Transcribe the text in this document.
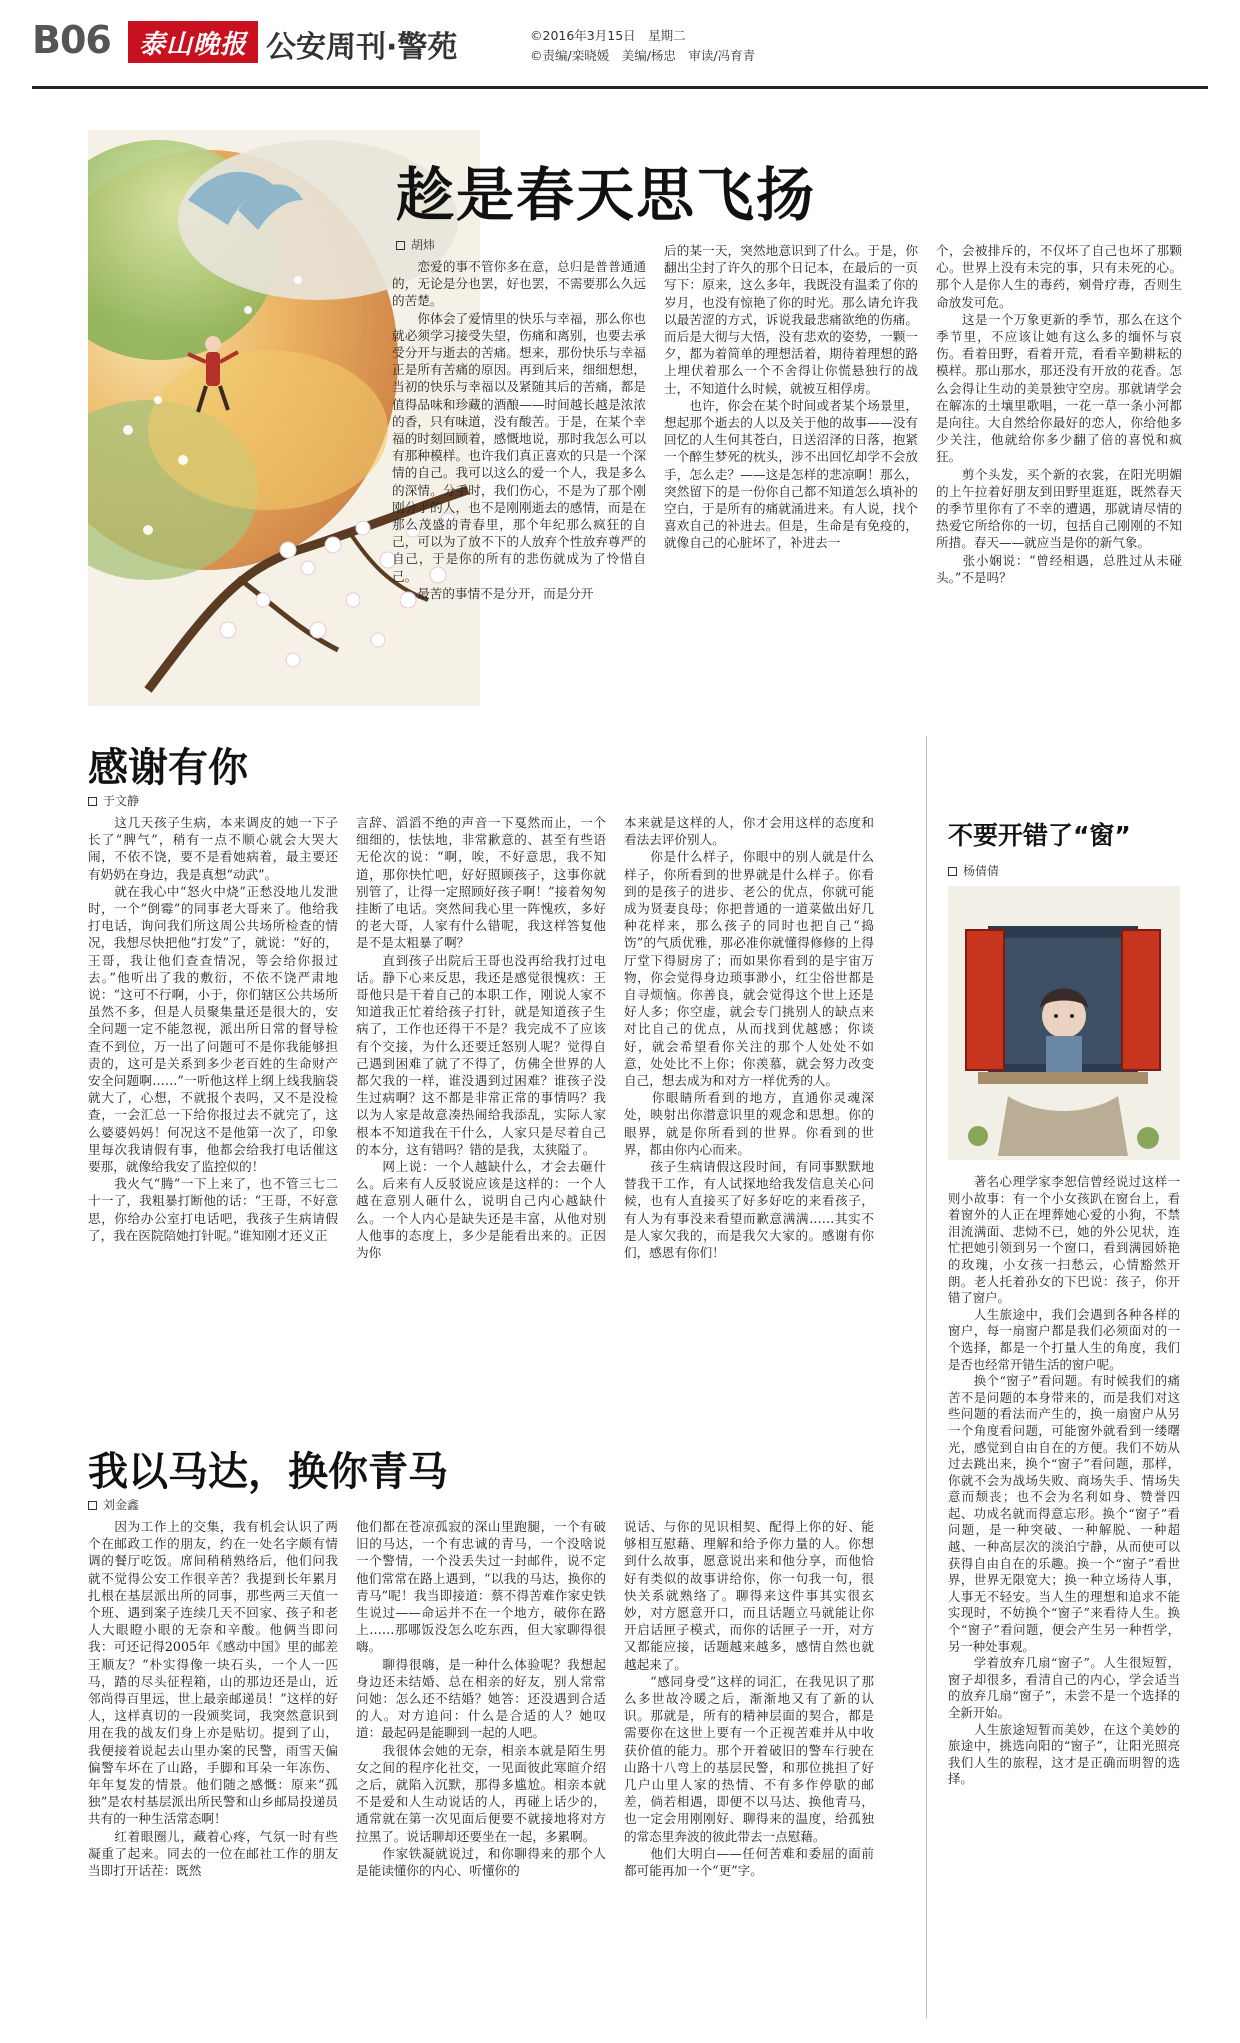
B06 泰山晚报 公安周刊·警苑	©2016年3月15日　星期二
©责编/栾晓媛　美编/杨忠　审读/冯育青
趁是春天思飞扬
胡炜
　　恋爱的事不管你多在意，总归是普普通通的，无论是分也罢，好也罢，不需要那么久远的苦楚。
　　你体会了爱情里的快乐与幸福，那么你也就必须学习接受失望，伤痛和离别，也要去承受分开与逝去的苦痛。想来，那份快乐与幸福正是所有苦痛的原因。再到后来，细细想想，当初的快乐与幸福以及紧随其后的苦痛，都是值得品味和珍藏的酒酿——时间越长越是浓浓的香，只有味道，没有酸苦。于是，在某个幸福的时刻回顾着，感慨地说，那时我怎么可以有那种模样。也许我们真正喜欢的只是一个深情的自己。我可以这么的爱一个人，我是多么的深情。分手时，我们伤心，不是为了那个刚刚分手的人，也不是刚刚逝去的感情，而是在那么茂盛的青春里，那个年纪那么疯狂的自己，可以为了放不下的人放弃个性放弃尊严的自己，于是你的所有的悲伤就成为了怜惜自己。
　　最苦的事情不是分开，而是分开
后的某一天，突然地意识到了什么。于是，你翻出尘封了许久的那个日记本，在最后的一页写下：原来，这么多年，我既没有温柔了你的岁月，也没有惊艳了你的时光。那么请允许我以最苦涩的方式，诉说我最悲痛欲绝的伤痛。而后是大彻与大悟，没有悲欢的姿势，一颗一夕，都为着简单的理想活着，期待着理想的路上埋伏着那么一个不舍得让你慌悬独行的战士，不知道什么时候，就被互相俘虏。
　　也许，你会在某个时间或者某个场景里，想起那个逝去的人以及关于他的故事——没有回忆的人生何其苍白，日送沼泽的日落，抱紧一个醉生梦死的枕头，涉不出回忆却学不会放手，怎么走？——这是怎样的悲凉啊！那么，突然留下的是一份你自己都不知道怎么填补的空白，于是所有的痛就涌进来。有人说，找个喜欢自己的补进去。但是，生命是有免疫的，就像自己的心脏坏了，补进去一
个，会被排斥的，不仅坏了自己也坏了那颗心。世界上没有未完的事，只有未死的心。那个人是你人生的毒药，剜骨疗毒，否则生命放发可危。
　　这是一个万象更新的季节，那么在这个季节里，不应该让她有这么多的缅怀与哀伤。看着田野，看着开荒，看看辛勤耕耘的模样。那山那水，那还没有开放的花香。怎么会得让生动的美景独守空房。那就请学会在解冻的土壤里歌唱，一花一草一条小河都是向往。大自然给你最好的恋人，你给他多少关注，他就给你多少翻了倍的喜悦和疯狂。
　　剪个头发，买个新的衣裳，在阳光明媚的上午拉着好朋友到田野里逛逛，既然春天的季节里你有了不幸的遭遇，那就请尽情的热爱它所给你的一切，包括自己刚刚的不知所措。春天——就应当是你的新气象。
　　张小娴说：“曾经相遇，总胜过从未碰头。”不是吗？
感谢有你
于文静
　　这几天孩子生病，本来调皮的她一下子长了“脾气”，稍有一点不顺心就会大哭大闹，不依不饶，要不是看她病着，最主要还有奶奶在身边，我是真想“动武”。
　　就在我心中“怒火中烧”正愁没地儿发泄时，一个“倒霉”的同事老大哥来了。他给我打电话，询问我们所这周公共场所检查的情况，我想尽快把他“打发”了，就说：“好的，王哥，我让他们查查情况，等会给你报过去。”他听出了我的敷衍，不依不饶严肃地说：“这可不行啊，小于，你们辖区公共场所虽然不多，但是人员聚集量还是很大的，安全问题一定不能忽视，派出所日常的督导检查不到位，万一出了问题可不是你我能够担责的，这可是关系到多少老百姓的生命财产安全问题啊……”一听他这样上纲上线我脑袋就大了，心想，不就报个表吗，又不是没检查，一会汇总一下给你报过去不就完了，这么婆婆妈妈！何况这不是他第一次了，印象里每次我请假有事，他都会给我打电话催这要那，就像给我安了监控似的！
　　我火气“腾”一下上来了，也不管三七二十一了，我粗暴打断他的话：“王哥，不好意思，你给办公室打电话吧，我孩子生病请假了，我在医院陪她打针呢。”谁知刚才还义正
言辞、滔滔不绝的声音一下戛然而止，一个细细的，怯怯地，非常歉意的、甚至有些语无伦次的说：“啊，唉，不好意思，我不知道，那你快忙吧，好好照顾孩子，这事你就别管了，让得一定照顾好孩子啊！”接着匆匆挂断了电话。突然间我心里一阵愧疚，多好的老大哥，人家有什么错呢，我这样答复他是不是太粗暴了啊？
　　直到孩子出院后王哥也没再给我打过电话。静下心来反思，我还是感觉很愧疚：王哥他只是干着自己的本职工作，刚说人家不知道我正忙着给孩子打针，就是知道孩子生病了，工作也还得干不是？我完成不了应该有个交接，为什么还要迁怒别人呢？觉得自己遇到困难了就了不得了，仿佛全世界的人都欠我的一样，谁没遇到过困难？谁孩子没生过病啊？这不都是非常正常的事情吗？我以为人家是故意凑热闹给我添乱，实际人家根本不知道我在干什么，人家只是尽着自己的本分，这有错吗？错的是我，太狭隘了。
　　网上说：一个人越缺什么，才会去砸什么。后来有人反驳说应该是这样的：一个人越在意别人砸什么，说明自己内心越缺什么。一个人内心是缺失还是丰富，从他对别人他事的态度上，多少是能看出来的。正因为你
本来就是这样的人，你才会用这样的态度和看法去评价别人。
　　你是什么样子，你眼中的别人就是什么样子，你所看到的世界就是什么样子。你看到的是孩子的进步、老公的优点，你就可能成为贤妻良母；你把普通的一道菜做出好几种花样来，那么孩子的同时也把自己“捣饬”的气质优雅，那必准你就懂得修修的上得厅堂下得厨房了；而如果你看到的是宇宙万物，你会觉得身边琐事渺小，红尘俗世都是自寻烦恼。你善良，就会觉得这个世上还是好人多；你空虚，就会专门挑别人的缺点来对比自己的优点，从而找到优越感；你谈好，就会希望看你关注的那个人处处不如意，处处比不上你；你羡慕，就会努力改变自己，想去成为和对方一样优秀的人。
　　你眼睛所看到的地方，直通你灵魂深处，映射出你潜意识里的观念和思想。你的眼界，就是你所看到的世界。你看到的世界，都由你内心而来。
　　孩子生病请假这段时间，有同事默默地替我干工作，有人试探地给我发信息关心问候，也有人直接买了好多好吃的来看孩子，有人为有事没来看望而歉意满满……其实不是人家欠我的，而是我欠大家的。感谢有你们，感恩有你们！
我以马达，换你青马
刘金鑫
　　因为工作上的交集，我有机会认识了两个在邮政工作的朋友，约在一处名字颇有情调的餐厅吃饭。席间稍稍熟络后，他们问我就不觉得公安工作很辛苦？我提到长年累月扎根在基层派出所的同事，那些两三天值一个班、遇到案子连续几天不回家、孩子和老人大眼瞪小眼的无奈和辛酸。他俩当即问我：可还记得2005年《感动中国》里的邮差王顺友？“朴实得像一块石头，一个人一匹马，踏的尽头征程箱，山的那边还是山，近邻尚得百里远，世上最亲邮递员！”这样的好人，这样真切的一段颁奖词，我突然意识到用在我的战友们身上亦是贴切。提到了山，我便接着说起去山里办案的民警，雨雪天偏偏警车坏在了山路，手脚和耳朵一年冻伤、年年复发的情景。他们随之感慨：原来“孤独”是农村基层派出所民警和山乡邮局投递员共有的一种生活常态啊！
　　红着眼圈儿，藏着心疼，气氛一时有些凝重了起来。同去的一位在邮社工作的朋友当即打开话茬：既然
他们都在苍凉孤寂的深山里跑腿，一个有破旧的马达，一个有忠诚的青马，一个没啥说一个警情，一个没丢失过一封邮件，说不定他们常常在路上遇到，“以我的马达，换你的青马”呢！我当即接道：蔡不得苦难作家史铁生说过——命运并不在一个地方，破你在路上……那哪饭没怎么吃东西，但大家聊得很嗨。
　　聊得很嗨，是一种什么体验呢？我想起身边还未结婚、总在相亲的好友，别人常常问她：怎么还不结婚？她答：还没遇到合适的人。对方追问：什么是合适的人？她叹道：最起码是能聊到一起的人吧。
　　我很体会她的无奈，相亲本就是陌生男女之间的程序化社交，一见面彼此寒暄介绍之后，就陷入沉默，那得多尴尬。相亲本就不是爱和人生动说话的人，再碰上话少的，通常就在第一次见面后便要不就接地将对方拉黑了。说话聊却还要坐在一起，多累啊。
　　作家铁凝就说过，和你聊得来的那个人是能读懂你的内心、听懂你的
说话、与你的见识相契、配得上你的好、能够相互慰藉、理解和给予你力量的人。你想到什么故事，愿意说出来和他分享，而他恰好有类似的故事讲给你，你一句我一句，很快关系就熟络了。聊得来这件事其实很玄妙，对方愿意开口，而且话题立马就能让你开启话匣子模式，而你的话匣子一开，对方又都能应接，话题越来越多，感情自然也就越起来了。
　　“感同身受”这样的词汇，在我见识了那么多世故冷暖之后，渐渐地又有了新的认识。那就是，所有的精神层面的契合，都是需要你在这世上要有一个正视苦难并从中收获价值的能力。那个开着破旧的警车行驶在山路十八弯上的基层民警，和那位挑担了好几户山里人家的热情、不有多作停歇的邮差，倘若相遇，即便不以马达、换他青马，也一定会用刚刚好、聊得来的温度，给孤独的常态里奔波的彼此带去一点慰藉。
　　他们大明白——任何苦难和委屈的面前都可能再加一个“更”字。
不要开错了“窗”
杨倩倩
　　著名心理学家李恕信曾经说过这样一则小故事：有一个小女孩趴在窗台上，看着窗外的人正在埋葬她心爱的小狗，不禁泪流满面、悲恸不已，她的外公见状，连忙把她引领到另一个窗口，看到满园娇艳的玫瑰，小女孩一扫愁云，心情豁然开朗。老人托着孙女的下巴说：孩子，你开错了窗户。
　　人生旅途中，我们会遇到各种各样的窗户，每一扇窗户都是我们必须面对的一个选择，都是一个打量人生的角度，我们是否也经常开错生活的窗户呢。
　　换个“窗子”看问题。有时候我们的痛苦不是问题的本身带来的，而是我们对这些问题的看法而产生的，换一扇窗户从另一个角度看问题，可能窗外就看到一缕曙光，感觉到自由自在的方便。我们不妨从过去跳出来，换个“窗子”看问题，那样，你就不会为战场失败、商场失手、情场失意而颓丧；也不会为名利如身、赞誉四起、功成名就而得意忘形。换个“窗子”看问题，是一种突破、一种解脱、一种超越、一种高层次的淡泊宁静，从而使可以获得自由自在的乐趣。换一个“窗子”看世界，世界无限宽大；换一种立场待人事，人事无不轻安。当人生的理想和追求不能实现时，不妨换个“窗子”来看待人生。换个“窗子”看问题，便会产生另一种哲学，另一种处事观。
　　学着放弃几扇“窗子”。人生很短暂，窗子却很多，看清自己的内心，学会适当的放弃几扇“窗子”，未尝不是一个选择的全新开始。
　　人生旅途短暂而美妙，在这个美妙的旅途中，挑选向阳的“窗子”，让阳光照亮我们人生的旅程，这才是正确而明智的选择。
